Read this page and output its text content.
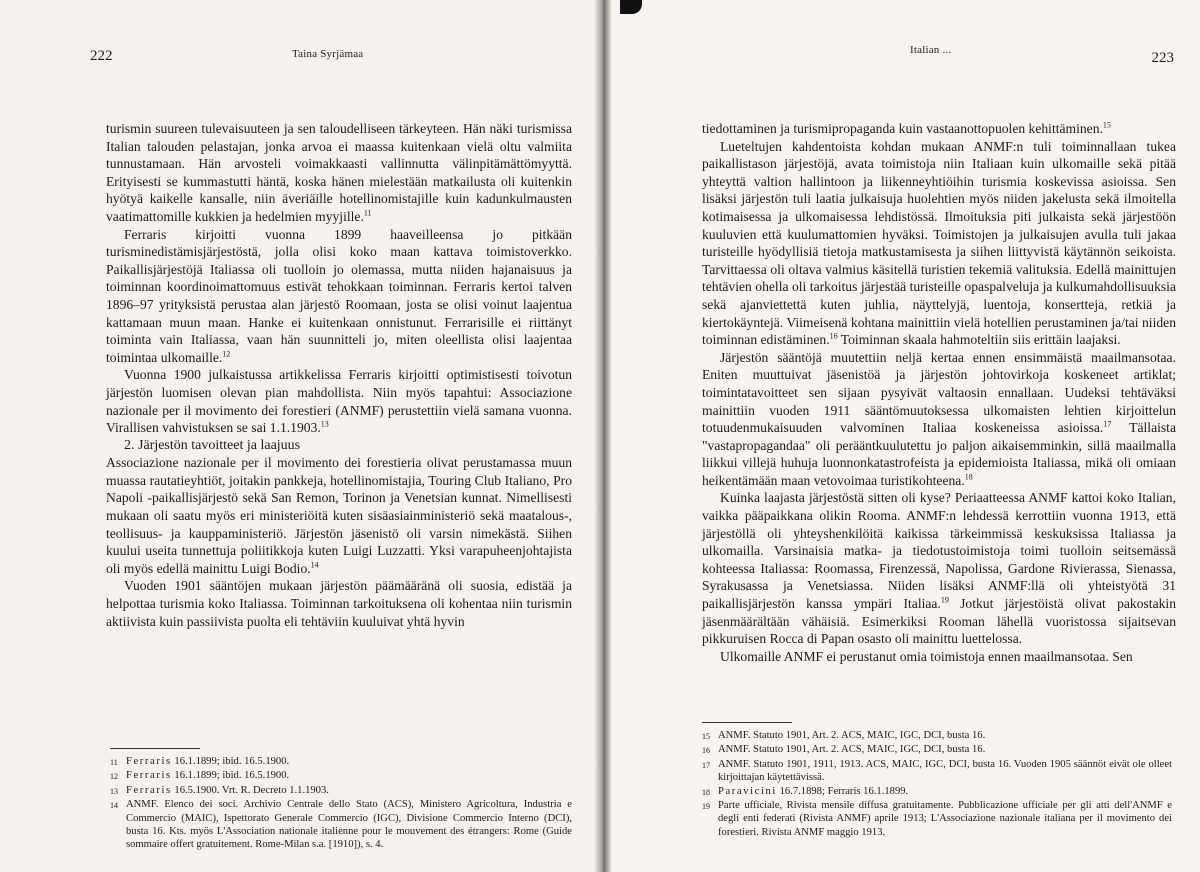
222	Taina Syrjämaa	223
Italian ...

turismin suureen tulevaisuuteen ja sen taloudelliseen tärkeyteen. Hän näki turismissa Italian talouden pelastajan, jonka arvoa ei maassa kuitenkaan vielä oltu valmiita tunnustamaan. Hän arvosteli voimakkaasti vallinnutta välinpitämättömyyttä. Erityisesti se kummastutti häntä, koska hänen mielestään matkailusta oli kuitenkin hyötyä kaikelle kansalle, niin äveriäille hotellinomistajille kuin kadunkulmausten vaatimattomille kukkien ja hedelmien myyjille.$^{11}$

Ferraris kirjoitti vuonna 1899 haaveilleensa jo pitkään turisminedistämisjärjestöstä, jolla olisi koko maan kattava toimistoverkko. Paikallisjärjestöjä Italiassa oli tuolloin jo olemassa, mutta niiden hajanaisuus ja toiminnan koordinoimattomuus estivät tehokkaan toiminnan. Ferraris kertoi talven 1896–97 yrityksistä perustaa alan järjestö Roomaan, josta se olisi voinut laajentua kattamaan muun maan. Hanke ei kuitenkaan onnistunut. Ferrarisille ei riittänyt toiminta vain Italiassa, vaan hän suunnitteli jo, miten oleellista olisi laajentaa toimintaa ulkomaille.$^{12}$

Vuonna 1900 julkaistussa artikkelissa Ferraris kirjoitti optimistisesti toivotun järjestön luomisen olevan pian mahdollista. Niin myös tapahtui: Associazione nazionale per il movimento dei forestieri (ANMF) perustettiin vielä samana vuonna. Virallisen vahvistuksen se sai 1.1.1903.13

2. Järjestön tavoitteet ja laajuus

Associazione nazionale per il movimento dei forestieria olivat perustamassa muun muassa rautatieyhtiöt, joitakin pankkeja, hotellinomistajia, Touring Club Italiano, Pro Napoli -paikallisjärjestö sekä San Remon, Torinon ja Venetsian kunnat. Nimellisesti mukaan oli saatu myös eri ministeriöitä kuten sisäasiainministeriö sekä maatalous-, teollisuus- ja kauppaministeriö. Järjestön jäsenistö oli varsin nimekästä. Siihen kuului useita tunnettuja poliitikkoja kuten Luigi Luzzatti. Yksi varapuheenjohtajista oli myös edellä mainittu Luigi Bodio.$^{14}$

Vuoden 1901 sääntöjen mukaan järjestön päämääränä oli suosia, edistää ja helpottaa turismia koko Italiassa. Toiminnan tarkoituksena oli kohentaa niin turismin aktiivista kuin passiivista puolta eli tehtäviin kuuluivat yhtä hyvin

11 Ferraris 16.1.1899; ibid. 16.5.1900.
12 Ferraris 16.1.1899; ibid. 16.5.1900.
13 Ferraris 16.5.1900. Vrt. R. Decreto 1.1.1903.
14 ANMF. Elenco dei soci. Archivio Centrale dello Stato (ACS), Ministero Agricoltura, Industria e Commercio (MAIC), Ispettorato Generale Commercio (IGC), Divisione Commercio Interno (DCI), busta 16. Kts. myös L'Association nationale italienne pour le mouvement des étrangers: Rome (Guide sommaire offert gratuitement. Rome-Milan s.a. [1910]), s. 4.

tiedottaminen ja turismipropaganda kuin vastaanottopuolen kehittäminen.$^{15}$

Lueteltujen kahdentoista kohdan mukaan ANMF:n tuli toiminnallaan tukea paikallistason järjestöjä, avata toimistoja niin Italiaan kuin ulkomaille sekä pitää yhteyttä valtion hallintoon ja liikenneyhtiöihin turismia koskevissa asioissa. Sen lisäksi järjestön tuli laatia julkaisuja huolehtien myös niiden jakelusta sekä ilmoitella kotimaisessa ja ulkomaisessa lehdistössä. Ilmoituksia piti julkaista sekä järjestöön kuuluvien että kuulumattomien hyväksi. Toimistojen ja julkaisujen avulla tuli jakaa turisteille hyödyllisiä tietoja matkustamisesta ja siihen liittyvistä käytännön seikoista. Tarvittaessa oli oltava valmius käsitellä turistien tekemiä valituksia. Edellä mainittujen tehtävien ohella oli tarkoitus järjestää turisteille opaspalveluja ja kulkumahdollisuuksia sekä ajanviettettä kuten juhlia, näyttelyjä, luentoja, konsertteja, retkiä ja kiertokäyntejä. Viimeisenä kohtana mainittiin vielä hotellien perustaminen ja/tai niiden toiminnan edistäminen.$^{16}$ Toiminnan skaala hahmoteltiin siis erittäin laajaksi.

Järjestön sääntöjä muutettiin neljä kertaa ennen ensimmäistä maailmansotaa. Eniten muuttuivat jäsenistöä ja järjestön johtovirkoja koskeneet artiklat; toimintatavoitteet sen sijaan pysyivät valtaosin ennallaan. Uudeksi tehtäväksi mainittiin vuoden 1911 sääntömuutoksessa ulkomaisten lehtien kirjoittelun totuudenmukaisuuden valvominen Italiaa koskeneissa asioissa.$^{17}$ Tällaista "vastapropagandaa" oli perääntkuulutettu jo paljon aikaisemminkin, sillä maailmalla liikkui villejä huhuja luonnonkatastrofeista ja epidemioista Italiassa, mikä oli omiaan heikentämään maan vetovoimaa turistikohteena.$^{18}$

Kuinka laajasta järjestöstä sitten oli kyse? Periaatteessa ANMF kattoi koko Italian, vaikka pääpaikkana olikin Rooma. ANMF:n lehdessä kerrottiin vuonna 1913, että järjestöllä oli yhteyshenkilöitä kaikissa tärkeimmissä keskuksissa Italiassa ja ulkomailla. Varsinaisia matka- ja tiedotustoimistoja toimi tuolloin seitsemässä kohteessa Italiassa: Roomassa, Firenzessä, Napolissa, Gardone Rivierassa, Sienassa, Syrakusassa ja Venetsiassa. Niiden lisäksi ANMF:llä oli yhteistyötä 31 paikallisjärjestön kanssa ympäri Italiaa.$^{19}$ Jotkut järjestöistä olivat pakostakin jäsenmäärältään vähäisiä. Esimerkiksi Rooman lähellä vuoristossa sijaitsevan pikkuruisen Rocca di Papan osasto oli mainittu luettelossa.

Ulkomaille ANMF ei perustanut omia toimistoja ennen maailmansotaa. Sen

15 ANMF. Statuto 1901, Art. 2. ACS, MAIC, IGC, DCI, busta 16.
16 ANMF. Statuto 1901, Art. 2. ACS, MAIC, IGC, DCI, busta 16.
17 ANMF. Statuto 1901, 1911, 1913. ACS, MAIC, IGC, DCI, busta 16. Vuoden 1905 säännöt eivät ole olleet kirjoittajan käytettävissä.
18 Paravicini 16.7.1898; Ferraris 16.1.1899.
19 Parte ufficiale, Rivista mensile diffusa gratuitamente. Pubblicazione ufficiale per gli atti dell'ANMF e degli enti federati (Rivista ANMF) aprile 1913; L'Associazione nazionale italiana per il movimento dei forestieri. Rivista ANMF maggio 1913.
